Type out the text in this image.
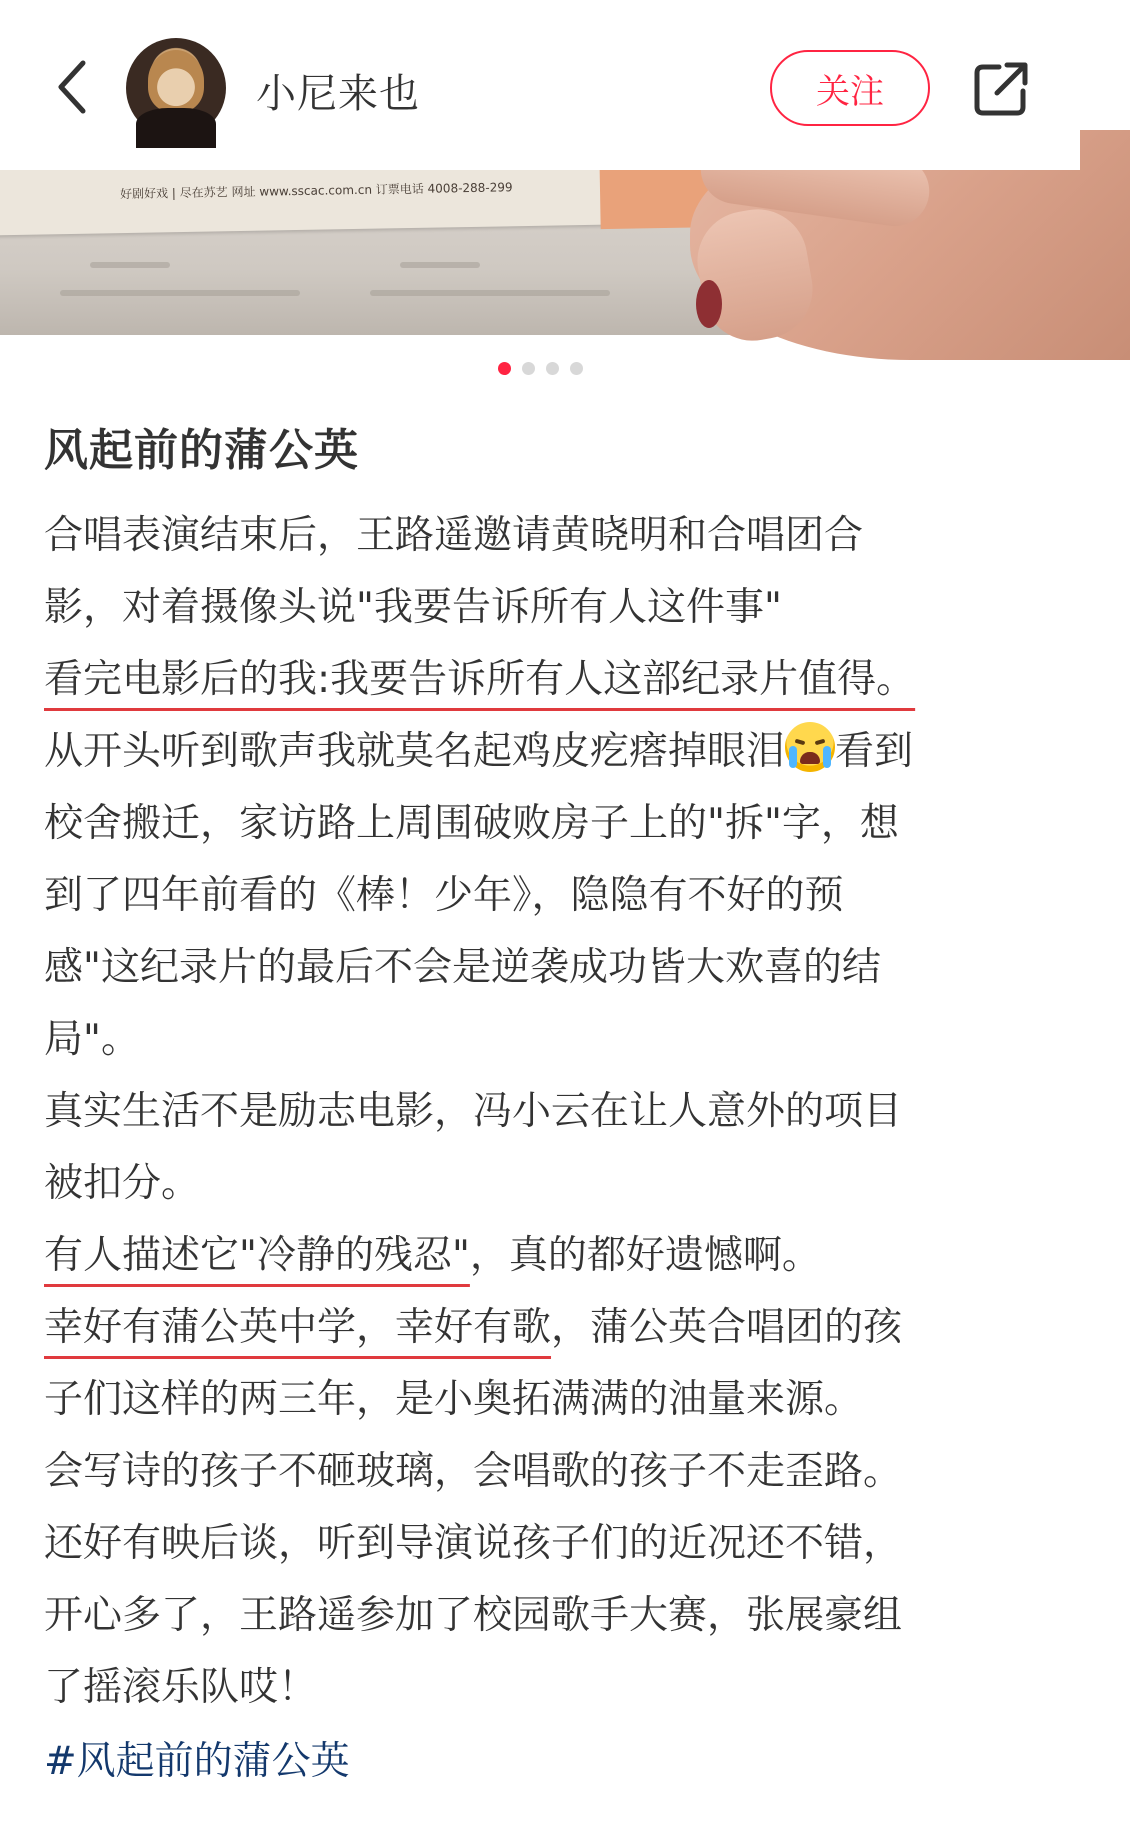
小尼来也	关注
好剧好戏 | 尽在苏艺 网址 www.sscac.com.cn 订票电话 4008-288-299
风起前的蒲公英
合唱表演结束后，王路遥邀请黄晓明和合唱团合
影，对着摄像头说"我要告诉所有人这件事"
看完电影后的我:我要告诉所有人这部纪录片值得。
从开头听到歌声我就莫名起鸡皮疙瘩掉眼泪 看到
校舍搬迁，家访路上周围破败房子上的"拆"字，想
到了四年前看的《棒！少年》，隐隐有不好的预
感"这纪录片的最后不会是逆袭成功皆大欢喜的结
局"。
真实生活不是励志电影，冯小云在让人意外的项目
被扣分。
有人描述它"冷静的残忍"，真的都好遗憾啊。
幸好有蒲公英中学，幸好有歌，蒲公英合唱团的孩
子们这样的两三年，是小奥拓满满的油量来源。
会写诗的孩子不砸玻璃，会唱歌的孩子不走歪路。
还好有映后谈，听到导演说孩子们的近况还不错，
开心多了，王路遥参加了校园歌手大赛，张展豪组
了摇滚乐队哎！
#风起前的蒲公英
